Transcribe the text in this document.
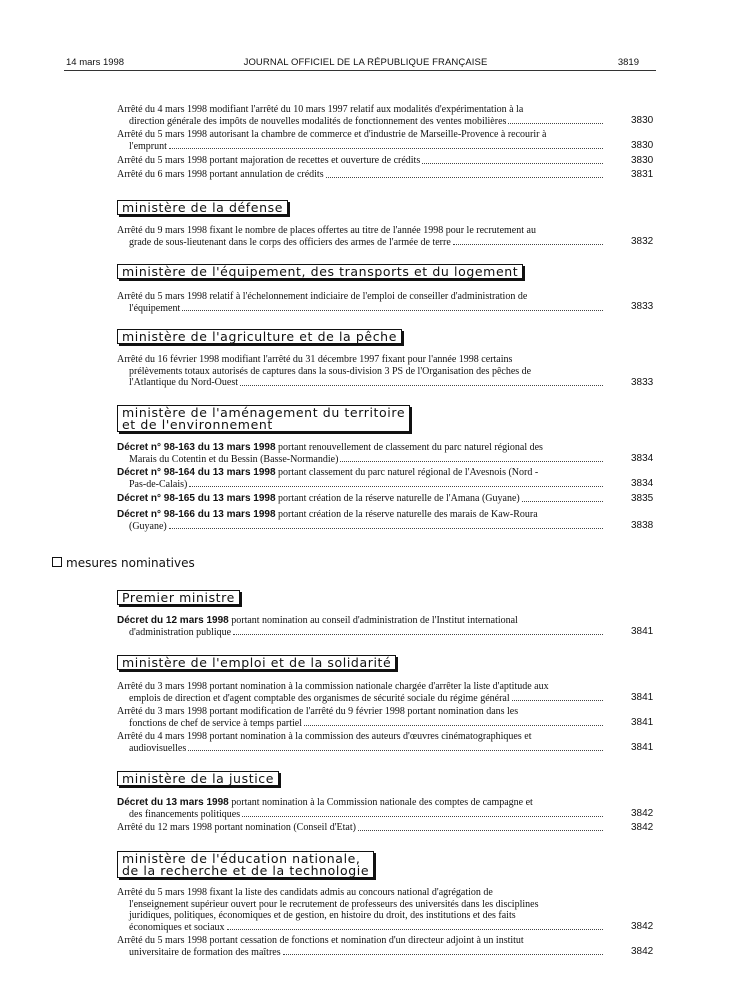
14 mars 1998	JOURNAL OFFICIEL DE LA RÉPUBLIQUE FRANÇAISE	3819
Arrêté du 4 mars 1998 modifiant l'arrêté du 10 mars 1997 relatif aux modalités d'expérimentation à la
direction générale des impôts de nouvelles modalités de fonctionnement des ventes mobilières	3830
Arrêté du 5 mars 1998 autorisant la chambre de commerce et d'industrie de Marseille-Provence à recourir à
l'emprunt	3830
Arrêté du 5 mars 1998 portant majoration de recettes et ouverture de crédits	3830
Arrêté du 6 mars 1998 portant annulation de crédits	3831
ministère de la défense
Arrêté du 9 mars 1998 fixant le nombre de places offertes au titre de l'année 1998 pour le recrutement au
grade de sous-lieutenant dans le corps des officiers des armes de l'armée de terre	3832
ministère de l'équipement, des transports et du logement
Arrêté du 5 mars 1998 relatif à l'échelonnement indiciaire de l'emploi de conseiller d'administration de
l'équipement	3833
ministère de l'agriculture et de la pêche
Arrêté du 16 février 1998 modifiant l'arrêté du 31 décembre 1997 fixant pour l'année 1998 certains
prélèvements totaux autorisés de captures dans la sous-division 3 PS de l'Organisation des pêches de
l'Atlantique du Nord-Ouest	3833
ministère de l'aménagement du territoire
et de l'environnement
Décret n° 98-163 du 13 mars 1998 portant renouvellement de classement du parc naturel régional des
Marais du Cotentin et du Bessin (Basse-Normandie)	3834
Décret n° 98-164 du 13 mars 1998 portant classement du parc naturel régional de l'Avesnois (Nord -
Pas-de-Calais)	3834
Décret n° 98-165 du 13 mars 1998 portant création de la réserve naturelle de l'Amana (Guyane)	3835
Décret n° 98-166 du 13 mars 1998 portant création de la réserve naturelle des marais de Kaw-Roura
(Guyane)	3838
mesures nominatives
Premier ministre
Décret du 12 mars 1998 portant nomination au conseil d'administration de l'Institut international
d'administration publique	3841
ministère de l'emploi et de la solidarité
Arrêté du 3 mars 1998 portant nomination à la commission nationale chargée d'arrêter la liste d'aptitude aux
emplois de direction et d'agent comptable des organismes de sécurité sociale du régime général	3841
Arrêté du 3 mars 1998 portant modification de l'arrêté du 9 février 1998 portant nomination dans les
fonctions de chef de service à temps partiel	3841
Arrêté du 4 mars 1998 portant nomination à la commission des auteurs d'œuvres cinématographiques et
audiovisuelles	3841
ministère de la justice
Décret du 13 mars 1998 portant nomination à la Commission nationale des comptes de campagne et
des financements politiques	3842
Arrêté du 12 mars 1998 portant nomination (Conseil d'Etat)	3842
ministère de l'éducation nationale,
de la recherche et de la technologie
Arrêté du 5 mars 1998 fixant la liste des candidats admis au concours national d'agrégation de
l'enseignement supérieur ouvert pour le recrutement de professeurs des universités dans les disciplines
juridiques, politiques, économiques et de gestion, en histoire du droit, des institutions et des faits
économiques et sociaux	3842
Arrêté du 5 mars 1998 portant cessation de fonctions et nomination d'un directeur adjoint à un institut
universitaire de formation des maîtres	3842
